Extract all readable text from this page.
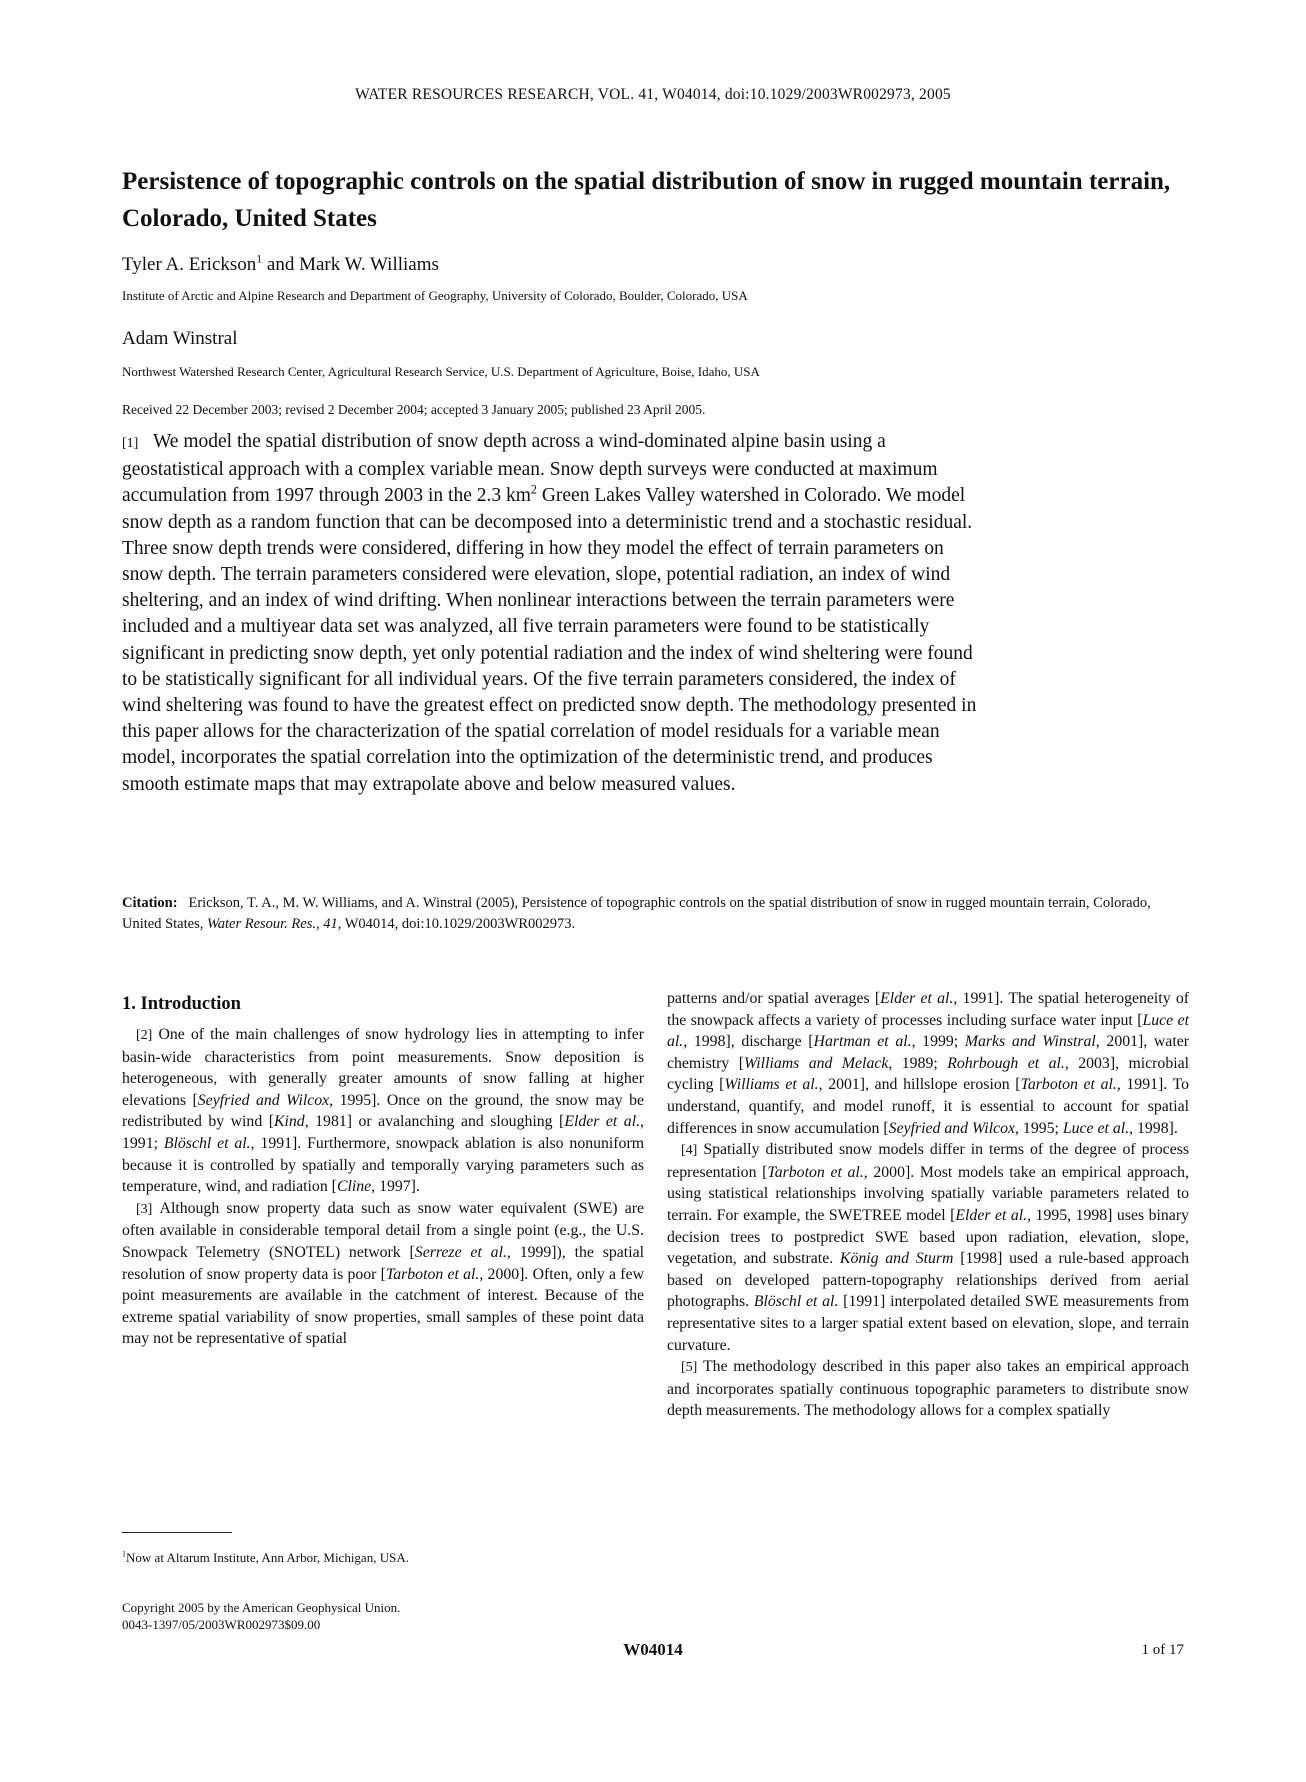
WATER RESOURCES RESEARCH, VOL. 41, W04014, doi:10.1029/2003WR002973, 2005
Persistence of topographic controls on the spatial distribution of snow in rugged mountain terrain, Colorado, United States
Tyler A. Erickson$^1$ and Mark W. Williams
Institute of Arctic and Alpine Research and Department of Geography, University of Colorado, Boulder, Colorado, USA
Adam Winstral
Northwest Watershed Research Center, Agricultural Research Service, U.S. Department of Agriculture, Boise, Idaho, USA
Received 22 December 2003; revised 2 December 2004; accepted 3 January 2005; published 23 April 2005.

[1] We model the spatial distribution of snow depth across a wind-dominated alpine basin using a geostatistical approach with a complex variable mean. Snow depth surveys were conducted at maximum accumulation from 1997 through 2003 in the 2.3 $km^2$ Green Lakes Valley watershed in Colorado. We model snow depth as a random function that can be decomposed into a deterministic trend and a stochastic residual. Three snow depth trends were considered, differing in how they model the effect of terrain parameters on snow depth. The terrain parameters considered were elevation, slope, potential radiation, an index of wind sheltering, and an index of wind drifting. When nonlinear interactions between the terrain parameters were included and a multiyear data set was analyzed, all five terrain parameters were found to be statistically significant in predicting snow depth, yet only potential radiation and the index of wind sheltering were found to be statistically significant for all individual years. Of the five terrain parameters considered, the index of wind sheltering was found to have the greatest effect on predicted snow depth. The methodology presented in this paper allows for the characterization of the spatial correlation of model residuals for a variable mean model, incorporates the spatial correlation into the optimization of the deterministic trend, and produces smooth estimate maps that may extrapolate above and below measured values.

Citation: Erickson, T. A., M. W. Williams, and A. Winstral (2005), Persistence of topographic controls on the spatial distribution of snow in rugged mountain terrain, Colorado, United States, Water Resour. Res., 41, W04014, doi:10.1029/2003WR002973.

1. Introduction

[2] One of the main challenges of snow hydrology lies in attempting to infer basin-wide characteristics from point measurements. Snow deposition is heterogeneous, with generally greater amounts of snow falling at higher elevations [Seyfried and Wilcox, 1995]. Once on the ground, the snow may be redistributed by wind [Kind, 1981] or avalanching and sloughing [Elder et al., 1991; Blöschl et al., 1991]. Furthermore, snowpack ablation is also nonuniform because it is controlled by spatially and temporally varying parameters such as temperature, wind, and radiation [Cline, 1997].

[3] Although snow property data such as snow water equivalent (SWE) are often available in considerable temporal detail from a single point (e.g., the U.S. Snowpack Telemetry (SNOTEL) network [Serreze et al., 1999]), the spatial resolution of snow property data is poor [Tarboton et al., 2000]. Often, only a few point measurements are available in the catchment of interest. Because of the extreme spatial variability of snow properties, small samples of these point data may not be representative of spatial

patterns and/or spatial averages [Elder et al., 1991]. The spatial heterogeneity of the snowpack affects a variety of processes including surface water input [Luce et al., 1998], discharge [Hartman et al., 1999; Marks and Winstral, 2001], water chemistry [Williams and Melack, 1989; Rohrbough et al., 2003], microbial cycling [Williams et al., 2001], and hillslope erosion [Tarboton et al., 1991]. To understand, quantify, and model runoff, it is essential to account for spatial differences in snow accumulation [Seyfried and Wilcox, 1995; Luce et al., 1998].

[4] Spatially distributed snow models differ in terms of the degree of process representation [Tarboton et al., 2000]. Most models take an empirical approach, using statistical relationships involving spatially variable parameters related to terrain. For example, the SWETREE model [Elder et al., 1995, 1998] uses binary decision trees to postpredict SWE based upon radiation, elevation, slope, vegetation, and substrate. König and Sturm [1998] used a rule-based approach based on developed pattern-topography relationships derived from aerial photographs. Blöschl et al. [1991] interpolated detailed SWE measurements from representative sites to a larger spatial extent based on elevation, slope, and terrain curvature.

[5] The methodology described in this paper also takes an empirical approach and incorporates spatially continuous topographic parameters to distribute snow depth measurements. The methodology allows for a complex spatially

$^1$Now at Altarum Institute, Ann Arbor, Michigan, USA.
Copyright 2005 by the American Geophysical Union.
0043-1397/05/2003WR002973$09.00
W04014	1 of 17
